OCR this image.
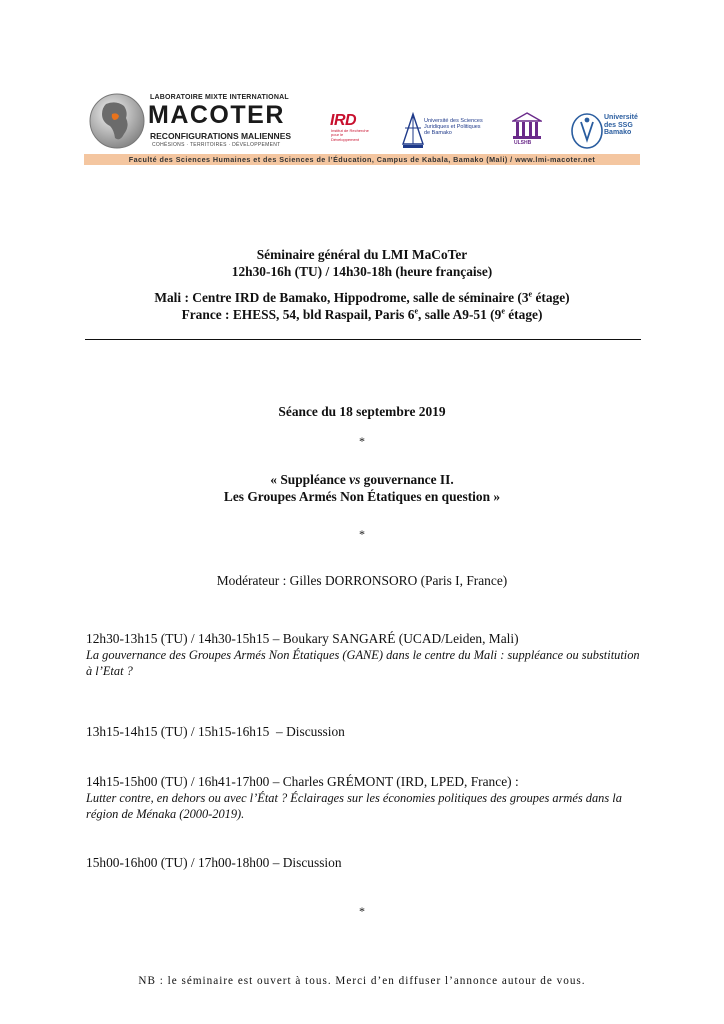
LABORATOIRE MIXTE INTERNATIONAL
MACOTER
RECONFIGURATIONS MALIENNES
COHÉSIONS · TERRITOIRES · DÉVELOPPEMENT
IRD
Institut de Recherche pour le Développement
Université des Sciences Juridiques et Politiques de Bamako
ULSHB
Université
des SSG
Bamako
Faculté des Sciences Humaines et des Sciences de l’Éducation, Campus de Kabala, Bamako (Mali) / www.lmi-macoter.net
Séminaire général du LMI MaCoTer
12h30-16h (TU) / 14h30-18h (heure française)
Mali : Centre IRD de Bamako, Hippodrome, salle de séminaire (3e étage)
France : EHESS, 54, bld Raspail, Paris 6e, salle A9-51 (9e étage)
Séance du 18 septembre 2019
*
« Suppléance vs gouvernance II.
Les Groupes Armés Non Étatiques en question »
*
Modérateur : Gilles DORRONSORO (Paris I, France)
12h30-13h15 (TU) / 14h30-15h15 – Boukary SANGARÉ (UCAD/Leiden, Mali)
La gouvernance des Groupes Armés Non Étatiques (GANE) dans le centre du Mali : suppléance ou substitution à l’Etat ?
13h15-14h15 (TU) / 15h15-16h15  – Discussion
14h15-15h00 (TU) / 16h41-17h00 – Charles GRÉMONT (IRD, LPED, France) :
Lutter contre, en dehors ou avec l’État ? Éclairages sur les économies politiques des groupes armés dans la région de Ménaka (2000-2019).
15h00-16h00 (TU) / 17h00-18h00 – Discussion
*
NB : le séminaire est ouvert à tous. Merci d’en diffuser l’annonce autour de vous.
